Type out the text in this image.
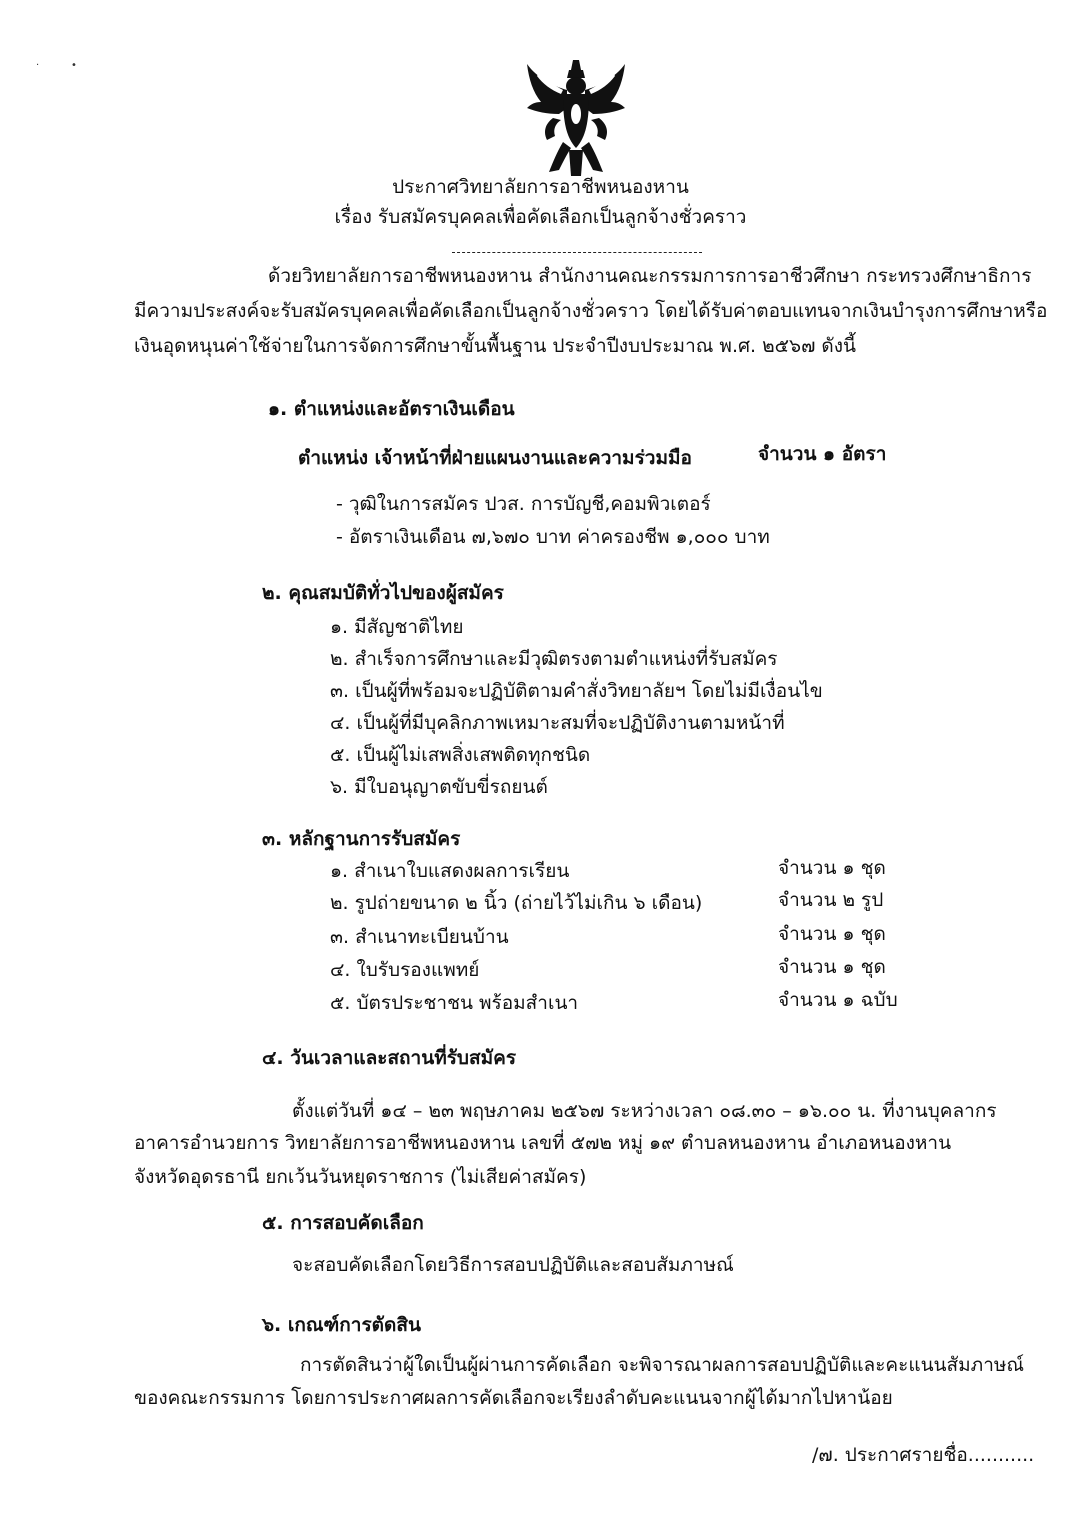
·          •
ประกาศวิทยาลัยการอาชีพหนองหาน
เรื่อง รับสมัครบุคคลเพื่อคัดเลือกเป็นลูกจ้างชั่วคราว
ด้วยวิทยาลัยการอาชีพหนองหาน สำนักงานคณะกรรมการการอาชีวศึกษา กระทรวงศึกษาธิการ
มีความประสงค์จะรับสมัครบุคคลเพื่อคัดเลือกเป็นลูกจ้างชั่วคราว โดยได้รับค่าตอบแทนจากเงินบำรุงการศึกษาหรือ
เงินอุดหนุนค่าใช้จ่ายในการจัดการศึกษาขั้นพื้นฐาน ประจำปีงบประมาณ พ.ศ. ๒๕๖๗ ดังนี้
๑. ตำแหน่งและอัตราเงินเดือน
ตำแหน่ง เจ้าหน้าที่ฝ่ายแผนงานและความร่วมมือ	จำนวน ๑ อัตรา
- วุฒิในการสมัคร ปวส. การบัญชี,คอมพิวเตอร์
- อัตราเงินเดือน ๗,๖๗๐ บาท ค่าครองชีพ ๑,๐๐๐ บาท
๒. คุณสมบัติทั่วไปของผู้สมัคร
๑. มีสัญชาติไทย
๒. สำเร็จการศึกษาและมีวุฒิตรงตามตำแหน่งที่รับสมัคร
๓. เป็นผู้ที่พร้อมจะปฏิบัติตามคำสั่งวิทยาลัยฯ โดยไม่มีเงื่อนไข
๔. เป็นผู้ที่มีบุคลิกภาพเหมาะสมที่จะปฏิบัติงานตามหน้าที่
๕. เป็นผู้ไม่เสพสิ่งเสพติดทุกชนิด
๖. มีใบอนุญาตขับขี่รถยนต์
๓. หลักฐานการรับสมัคร
๑. สำเนาใบแสดงผลการเรียน	จำนวน ๑ ชุด
๒. รูปถ่ายขนาด ๒ นิ้ว (ถ่ายไว้ไม่เกิน ๖ เดือน)	จำนวน ๒ รูป
๓. สำเนาทะเบียนบ้าน	จำนวน ๑ ชุด
๔. ใบรับรองแพทย์	จำนวน ๑ ชุด
๕. บัตรประชาชน พร้อมสำเนา	จำนวน ๑ ฉบับ
๔. วันเวลาและสถานที่รับสมัคร
ตั้งแต่วันที่ ๑๔ – ๒๓ พฤษภาคม ๒๕๖๗ ระหว่างเวลา ๐๘.๓๐ – ๑๖.๐๐ น. ที่งานบุคลากร
อาคารอำนวยการ วิทยาลัยการอาชีพหนองหาน เลขที่ ๕๗๒ หมู่ ๑๙ ตำบลหนองหาน อำเภอหนองหาน
จังหวัดอุดรธานี ยกเว้นวันหยุดราชการ (ไม่เสียค่าสมัคร)
๕. การสอบคัดเลือก
จะสอบคัดเลือกโดยวิธีการสอบปฏิบัติและสอบสัมภาษณ์
๖. เกณฑ์การตัดสิน
การตัดสินว่าผู้ใดเป็นผู้ผ่านการคัดเลือก จะพิจารณาผลการสอบปฏิบัติและคะแนนสัมภาษณ์
ของคณะกรรมการ โดยการประกาศผลการคัดเลือกจะเรียงลำดับคะแนนจากผู้ได้มากไปหาน้อย
/๗. ประกาศรายชื่อ...........
